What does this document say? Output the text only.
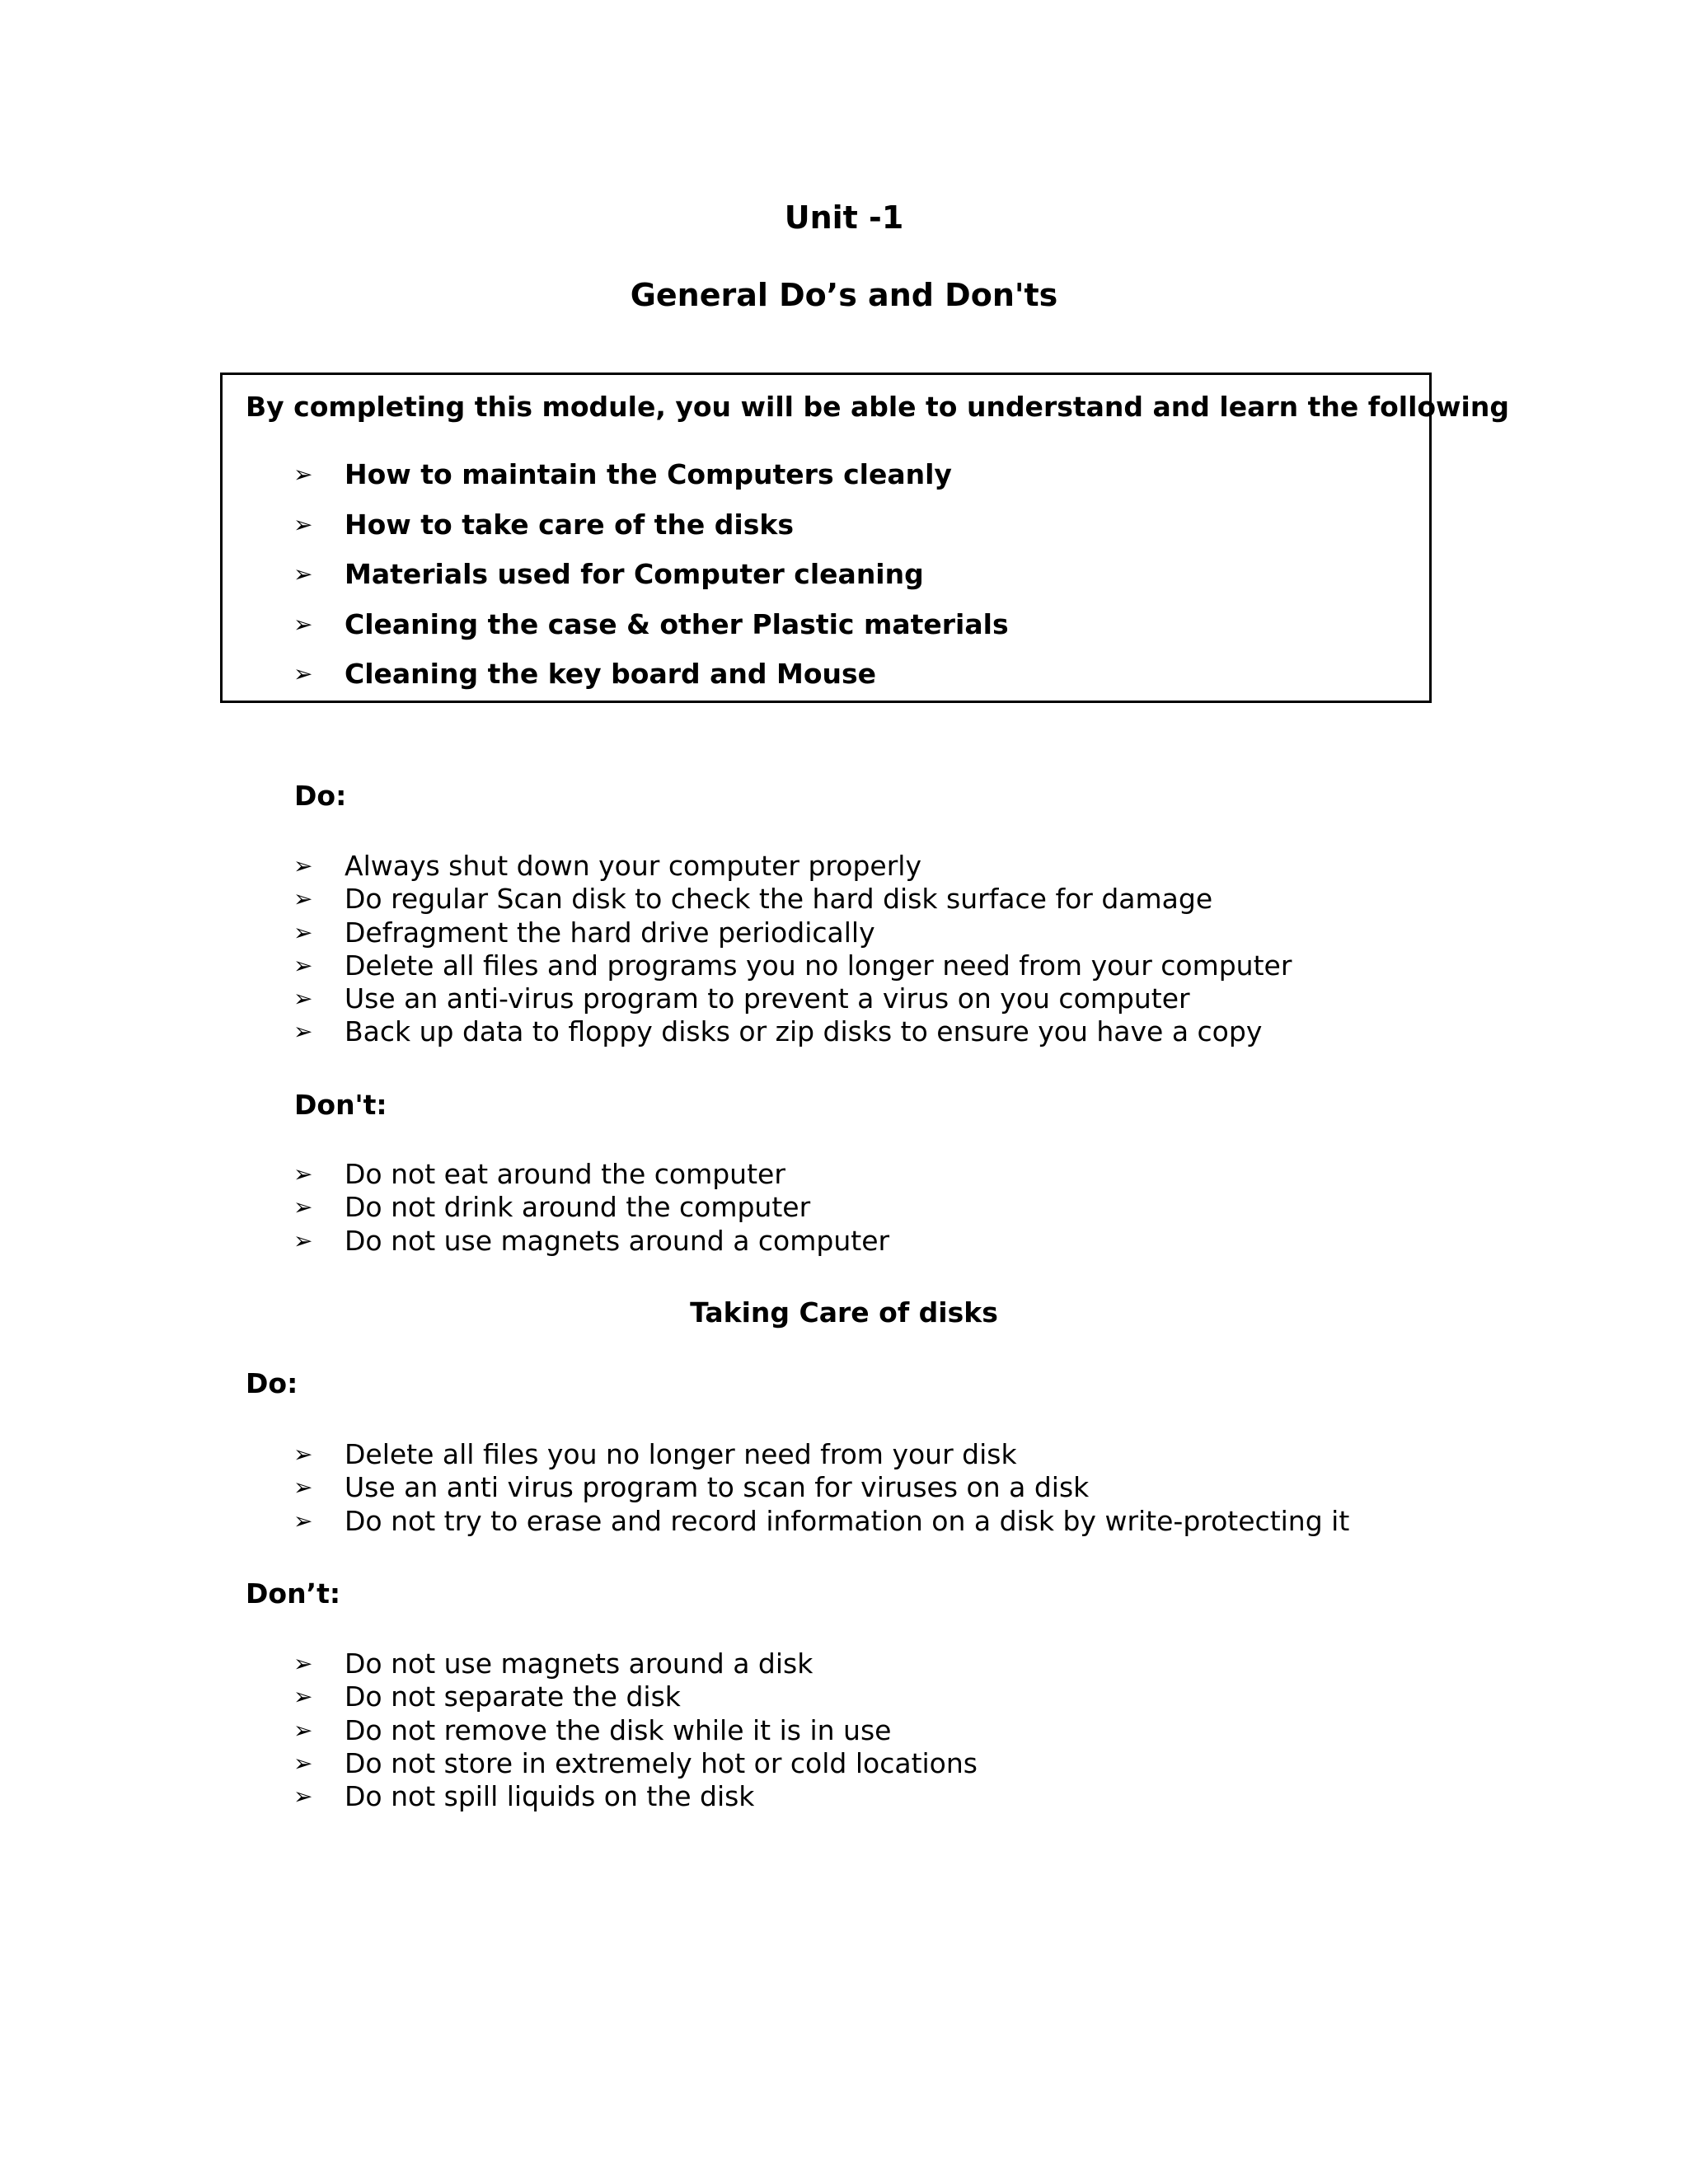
Unit -1
General Do’s and Don'ts
By completing this module, you will be able to understand and learn the following
➢	How to maintain the Computers cleanly
➢	How to take care of the disks
➢	Materials used for Computer cleaning
➢	Cleaning the case & other Plastic materials
➢	Cleaning the key board and Mouse
Do:
➢	Always shut down your computer properly
➢	Do regular Scan disk to check the hard disk surface for damage
➢	Defragment the hard drive periodically
➢	Delete all files and programs you no longer need from your computer
➢	Use an anti-virus program to prevent a virus on you computer
➢	Back up data to floppy disks or zip disks to ensure you have a copy
Don't:
➢	Do not eat around the computer
➢	Do not drink around the computer
➢	Do not use magnets around a computer
Taking Care of disks
Do:
➢	Delete all files you no longer need from your disk
➢	Use an anti virus program to scan for viruses on a disk
➢	Do not try to erase and record information on a disk by write-protecting it
Don’t:
➢	Do not use magnets around a disk
➢	Do not separate the disk
➢	Do not remove the disk while it is in use
➢	Do not store in extremely hot or cold locations
➢	Do not spill liquids on the disk
